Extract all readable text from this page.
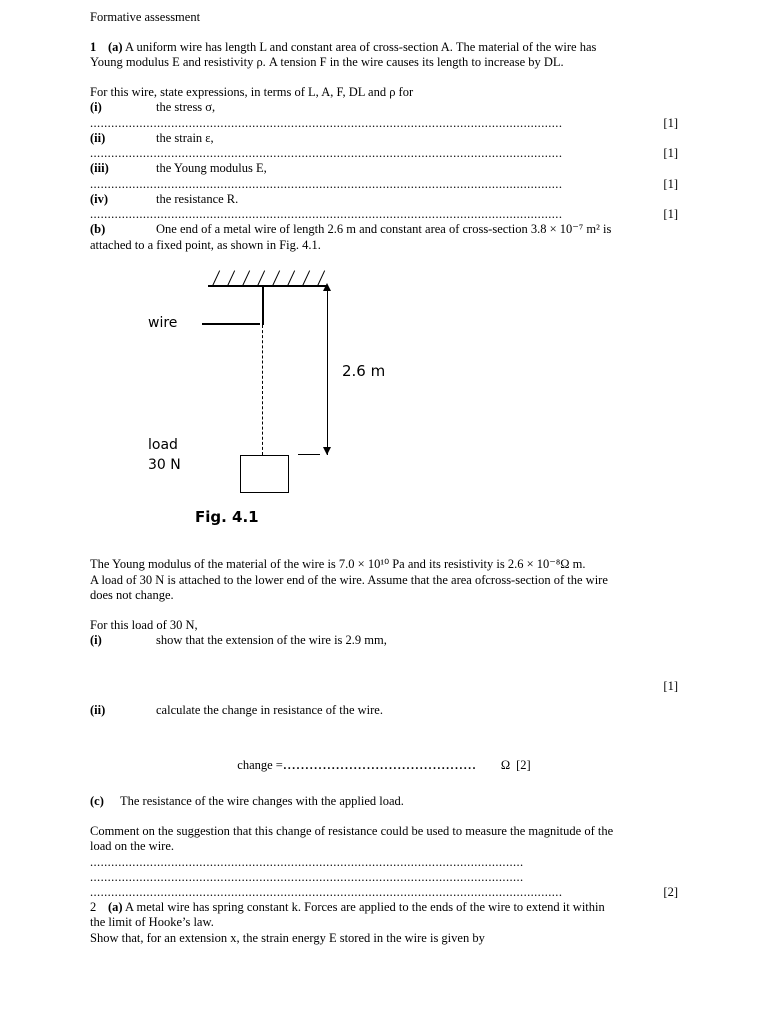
Formative assessment
1 (a) A uniform wire has length L and constant area of cross-section A. The material of the wire has
Young modulus E and resistivity ρ. A tension F in the wire causes its length to increase by DL.
For this wire, state expressions, in terms of L, A, F, DL and ρ for
(i)	the stress σ,
......................................................................................................................................	[1]
(ii)	the strain ε,
......................................................................................................................................	[1]
(iii)	the Young modulus E,
......................................................................................................................................	[1]
(iv)	the resistance R.
......................................................................................................................................	[1]
(b)	One end of a metal wire of length 2.6 m and constant area of cross-section 3.8 × 10⁻⁷ m² is
attached to a fixed point, as shown in Fig. 4.1.
wire
load
30 N
2.6 m
Fig. 4.1
The Young modulus of the material of the wire is 7.0 × 10¹⁰ Pa and its resistivity is 2.6 × 10⁻⁸Ω m.
A load of 30 N is attached to the lower end of the wire. Assume that the area ofcross-section of the wire
does not change.
For this load of 30 N,
(i)	show that the extension of the wire is 2.9 mm,
[1]
(ii)	calculate the change in resistance of the wire.
change = ............................................	Ω [2]
(c)	The resistance of the wire changes with the applied load.
Comment on the suggestion that this change of resistance could be used to measure the magnitude of the
load on the wire.
...........................................................................................................................
...........................................................................................................................
......................................................................................................................................	[2]
2 (a) A metal wire has spring constant k. Forces are applied to the ends of the wire to extend it within
the limit of Hooke’s law.
Show that, for an extension x, the strain energy E stored in the wire is given by
